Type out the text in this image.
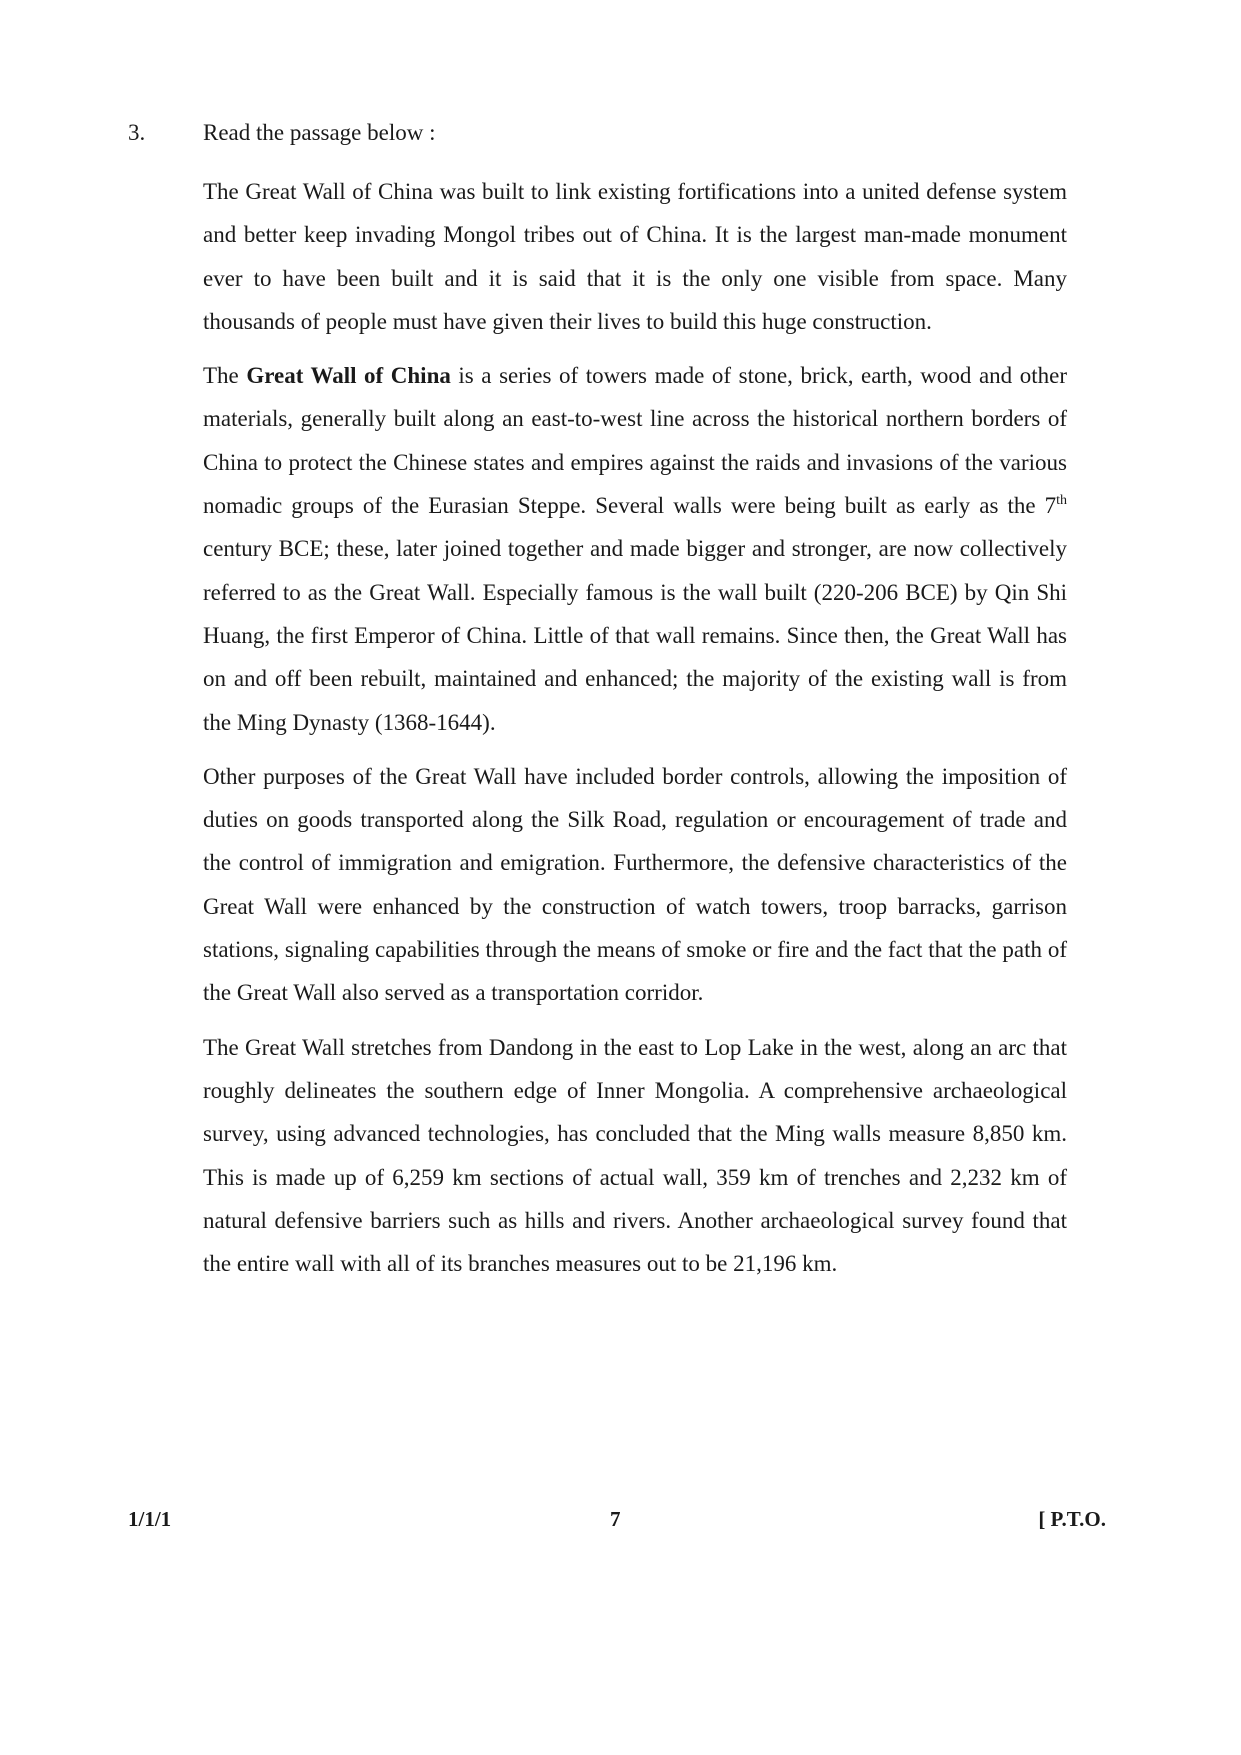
3.	Read the passage below :

The Great Wall of China was built to link existing fortifications into a united defense system and better keep invading Mongol tribes out of China. It is the largest man-made monument ever to have been built and it is said that it is the only one visible from space. Many thousands of people must have given their lives to build this huge construction.

The Great Wall of China is a series of towers made of stone, brick, earth, wood and other materials, generally built along an east-to-west line across the historical northern borders of China to protect the Chinese states and empires against the raids and invasions of the various nomadic groups of the Eurasian Steppe. Several walls were being built as early as the 7th century BCE; these, later joined together and made bigger and stronger, are now collectively referred to as the Great Wall. Especially famous is the wall built (220-206 BCE) by Qin Shi Huang, the first Emperor of China. Little of that wall remains. Since then, the Great Wall has on and off been rebuilt, maintained and enhanced; the majority of the existing wall is from the Ming Dynasty (1368-1644).

Other purposes of the Great Wall have included border controls, allowing the imposition of duties on goods transported along the Silk Road, regulation or encouragement of trade and the control of immigration and emigration. Furthermore, the defensive characteristics of the Great Wall were enhanced by the construction of watch towers, troop barracks, garrison stations, signaling capabilities through the means of smoke or fire and the fact that the path of the Great Wall also served as a transportation corridor.

The Great Wall stretches from Dandong in the east to Lop Lake in the west, along an arc that roughly delineates the southern edge of Inner Mongolia. A comprehensive archaeological survey, using advanced technologies, has concluded that the Ming walls measure 8,850 km. This is made up of 6,259 km sections of actual wall, 359 km of trenches and 2,232 km of natural defensive barriers such as hills and rivers. Another archaeological survey found that the entire wall with all of its branches measures out to be 21,196 km.

1/1/1	7	[ P.T.O.
